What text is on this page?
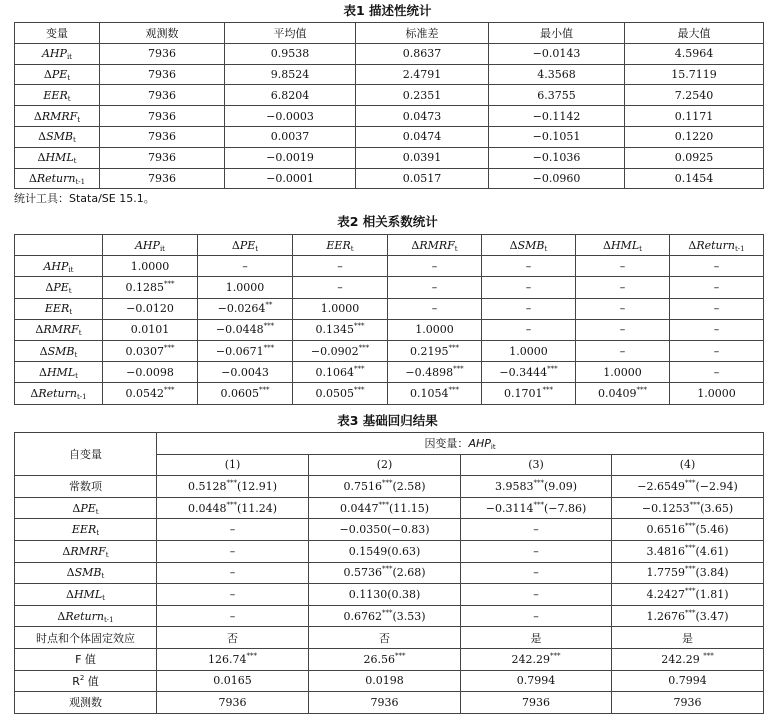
表1 描述性统计
变量	观测数	平均值	标准差	最小值	最大值
$AHP_{it}$	7936	0.9538	0.8637	−0.0143	4.5964
$\Delta PE_t$	7936	9.8524	2.4791	4.3568	15.7119
$EER_t$	7936	6.8204	0.2351	6.3755	7.2540
$\Delta RMRF_t$	7936	−0.0003	0.0473	−0.1142	0.1171
$\Delta SMB_t$	7936	0.0037	0.0474	−0.1051	0.1220
$\Delta HML_t$	7936	−0.0019	0.0391	−0.1036	0.0925
ΔReturn$_{t-1}$	7936	−0.0001	0.0517	−0.0960	0.1454
统计工具：Stata/SE 15.1。
表2 相关系数统计
	$AHP_{it}$	$\Delta PE_t$	$EER_t$	$\Delta RMRF_t$	$\Delta SMB_t$	$\Delta HML_t$	ΔReturn$_{t-1}$
$AHP_{it}$	1.0000	–	–	–	–	–	–
$\Delta PE_t$	0.1285***	1.0000	–	–	–	–	–
$EER_t$	−0.0120	−0.0264**	1.0000	–	–	–	–
$\Delta RMRF_t$	0.0101	−0.0448***	0.1345***	1.0000	–	–	–
$\Delta SMB_t$	0.0307***	−0.0671***	−0.0902***	0.2195***	1.0000	–	–
$\Delta HML_t$	−0.0098	−0.0043	0.1064***	−0.4898***	−0.3444***	1.0000	–
ΔReturn$_{t-1}$	0.0542***	0.0605***	0.0505***	0.1054***	0.1701***	0.0409***	1.0000
表3 基础回归结果
自变量	因变量：$AHP_{it}$
	(1)	(2)	(3)	(4)
常数项	0.5128***(12.91)	0.7516***(2.58)	3.9583***(9.09)	−2.6549***(−2.94)
$\Delta PE_t$	0.0448***(11.24)	0.0447***(11.15)	−0.3114***(−7.86)	−0.1253***(3.65)
$EER_t$	–	−0.0350(−0.83)	–	0.6516***(5.46)
$\Delta RMRF_t$	–	0.1549(0.63)	–	3.4816***(4.61)
$\Delta SMB_t$	–	0.5736***(2.68)	–	1.7759***(3.84)
$\Delta HML_t$	–	0.1130(0.38)	–	4.2427***(1.81)
ΔReturn$_{t-1}$	–	0.6762***(3.53)	–	1.2676***(3.47)
时点和个体固定效应	否	否	是	是
F 值	126.74***	26.56***	242.29***	242.29 ***
$R^2$ 值	0.0165	0.0198	0.7994	0.7994
观测数	7936	7936	7936	7936
